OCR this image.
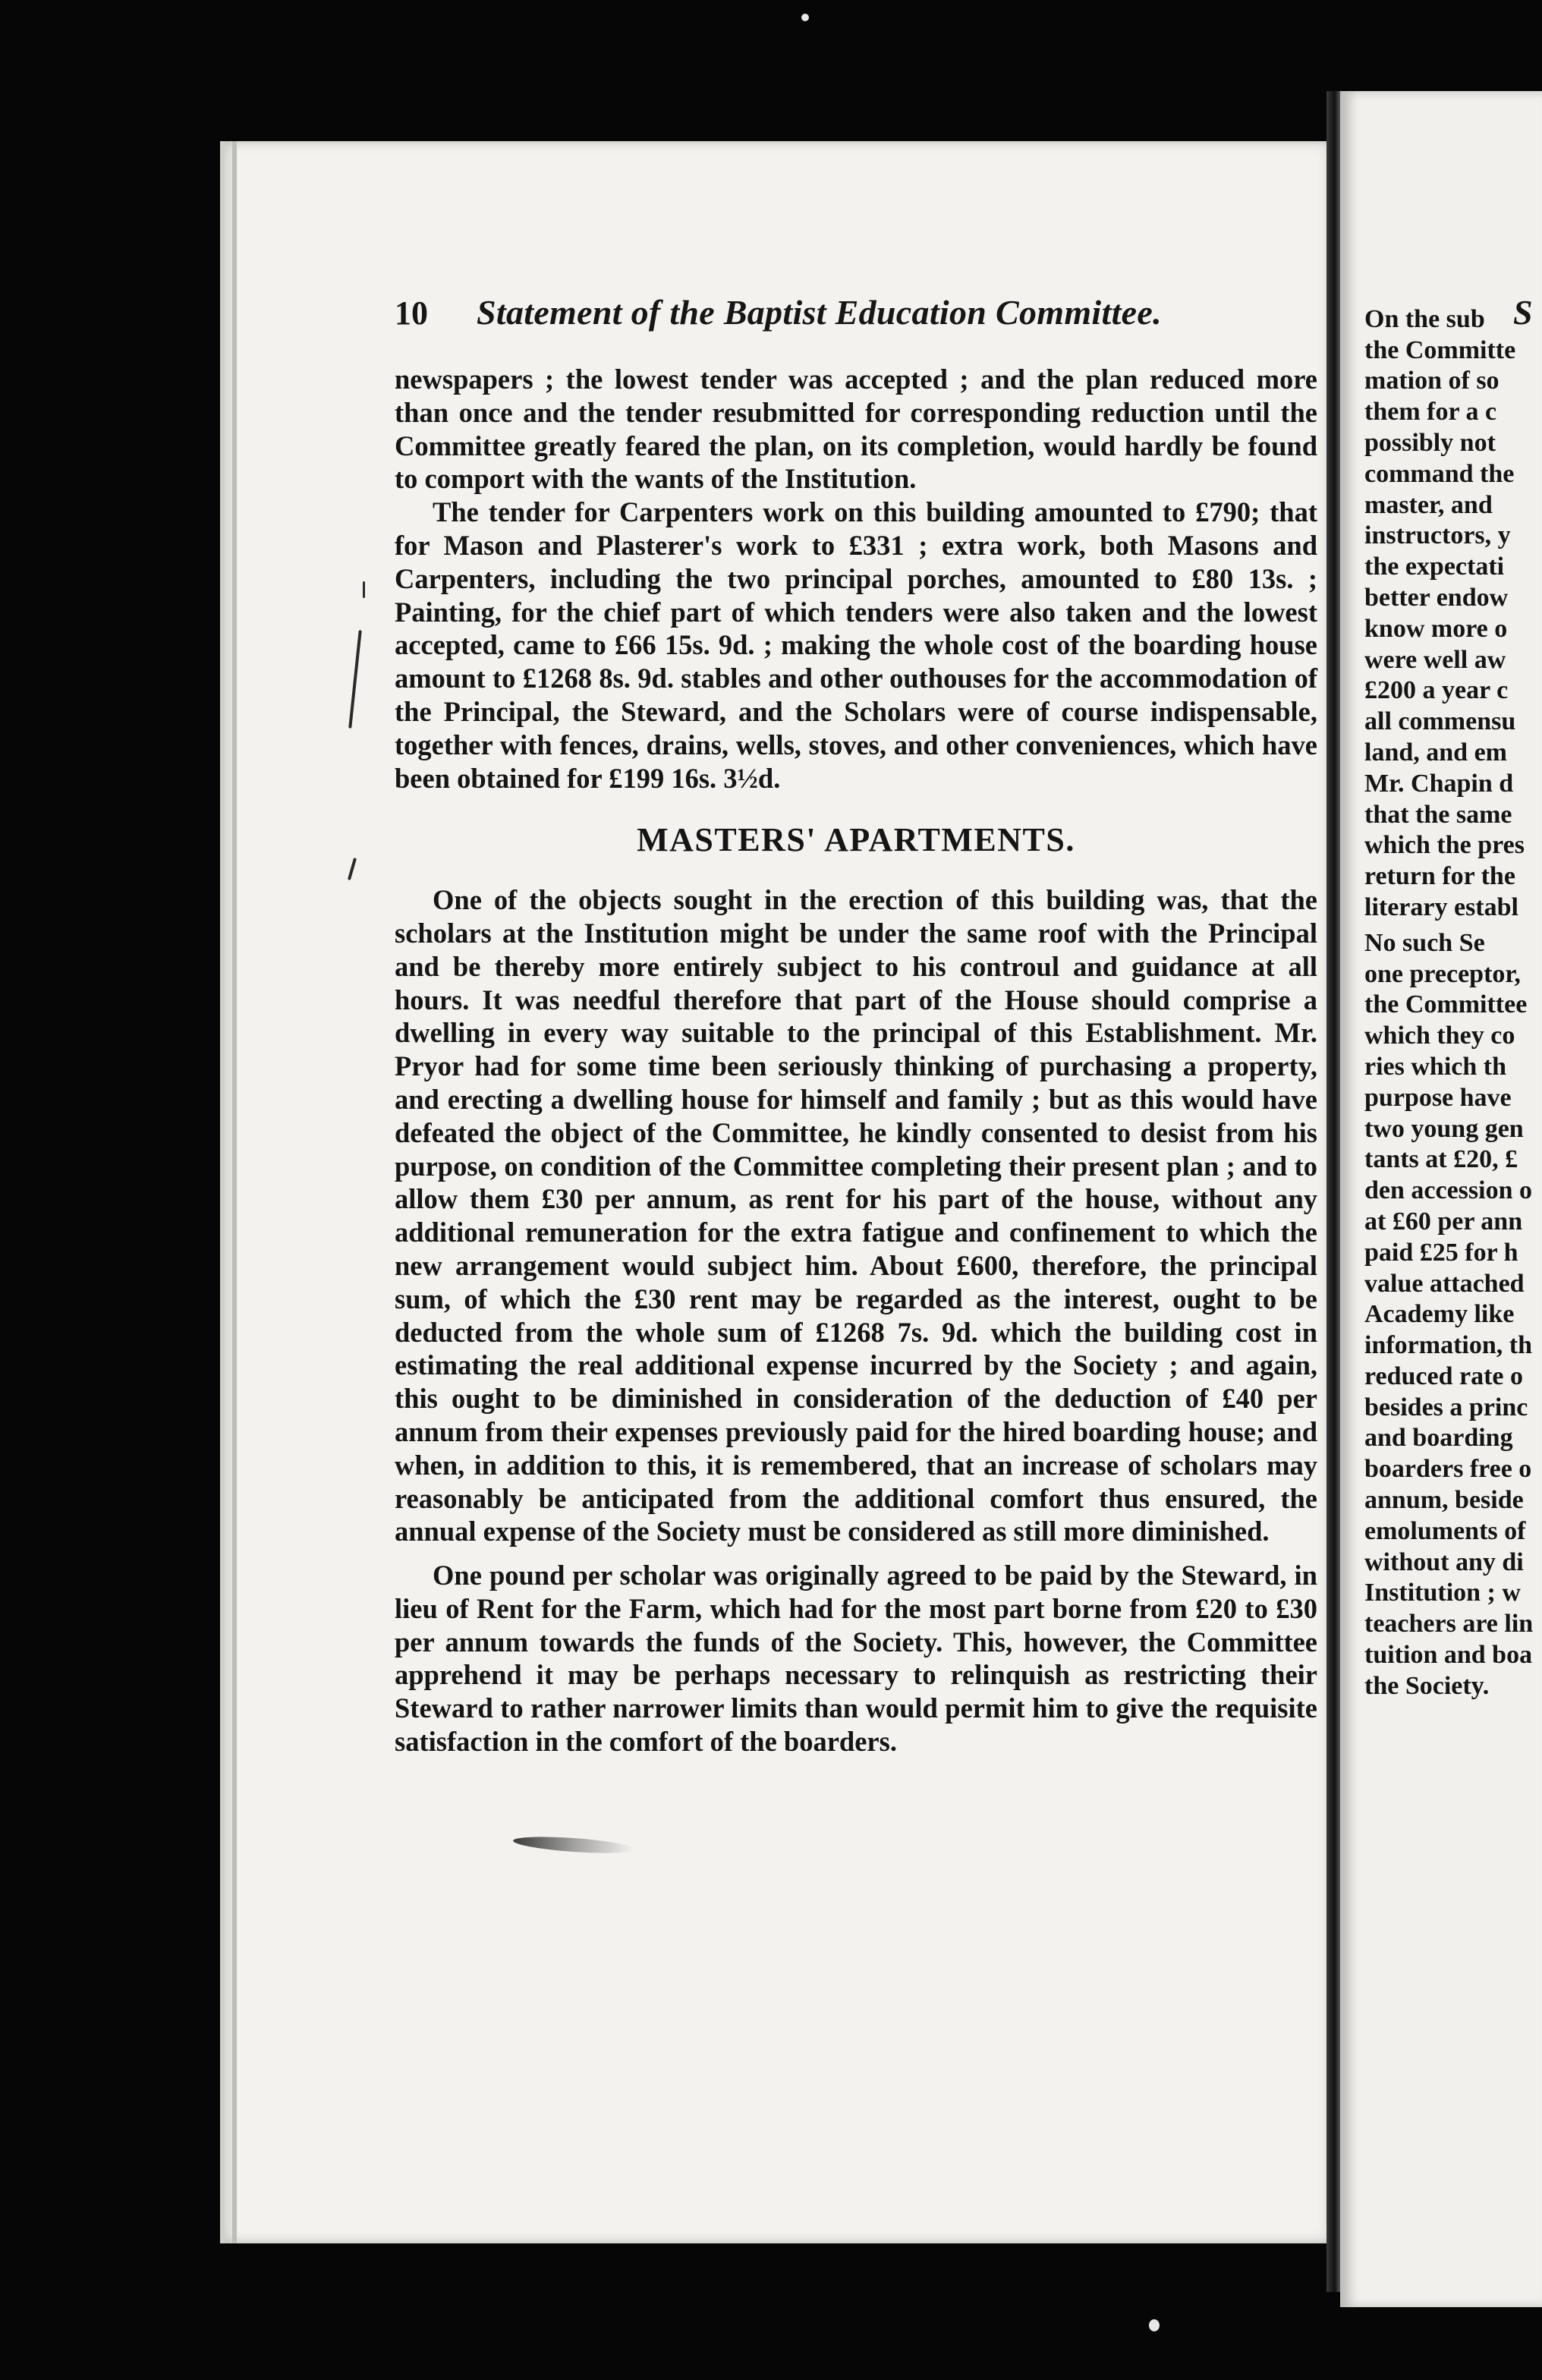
10 Statement of the Baptist Education Committee.

newspapers ; the lowest tender was accepted ; and the plan reduced more than once and the tender resubmitted for corresponding reduction until the Committee greatly feared the plan, on its completion, would hardly be found to comport with the wants of the Institution.

The tender for Carpenters work on this building amounted to £790; that for Mason and Plasterer's work to £331 ; extra work, both Masons and Carpenters, including the two principal porches, amounted to £80 13s. ; Painting, for the chief part of which tenders were also taken and the lowest accepted, came to £66 15s. 9d. ; making the whole cost of the boarding house amount to £1268 8s. 9d. stables and other outhouses for the accommodation of the Principal, the Steward, and the Scholars were of course indispensable, together with fences, drains, wells, stoves, and other conveniences, which have been obtained for £199 16s. 3½d.

MASTERS' APARTMENTS.

One of the objects sought in the erection of this building was, that the scholars at the Institution might be under the same roof with the Principal and be thereby more entirely subject to his controul and guidance at all hours. It was needful therefore that part of the House should comprise a dwelling in every way suitable to the principal of this Establishment. Mr. Pryor had for some time been seriously thinking of purchasing a property, and erecting a dwelling house for himself and family ; but as this would have defeated the object of the Committee, he kindly consented to desist from his purpose, on condition of the Committee completing their present plan ; and to allow them £30 per annum, as rent for his part of the house, without any additional remuneration for the extra fatigue and confinement to which the new arrangement would subject him. About £600, therefore, the principal sum, of which the £30 rent may be regarded as the interest, ought to be deducted from the whole sum of £1268 7s. 9d. which the building cost in estimating the real additional expense incurred by the Society ; and again, this ought to be diminished in consideration of the deduction of £40 per annum from their expenses previously paid for the hired boarding house; and when, in addition to this, it is remembered, that an increase of scholars may reasonably be anticipated from the additional comfort thus ensured, the annual expense of the Society must be considered as still more diminished.

One pound per scholar was originally agreed to be paid by the Steward, in lieu of Rent for the Farm, which had for the most part borne from £20 to £30 per annum towards the funds of the Society. This, however, the Committee apprehend it may be perhaps necessary to relinquish as restricting their Steward to rather narrower limits than would permit him to give the requisite satisfaction in the comfort of the boarders.

S
On the sub
the Committe
mation of so
them for a c
possibly not
command the
master, and
instructors, y
the expectati
better endow
know more o
were well aw
£200 a year c
all commensu
land, and em
Mr. Chapin d
that the same
which the pres
return for the
literary establ
No such Se
one preceptor,
the Committee
which they co
ries which th
purpose have
two young gen
tants at £20, £
den accession o
at £60 per ann
paid £25 for h
value attached
Academy like
information, th
reduced rate o
besides a princ
and boarding
boarders free o
annum, beside
emoluments of
without any di
Institution ; w
teachers are lin
tuition and boa
the Society.
